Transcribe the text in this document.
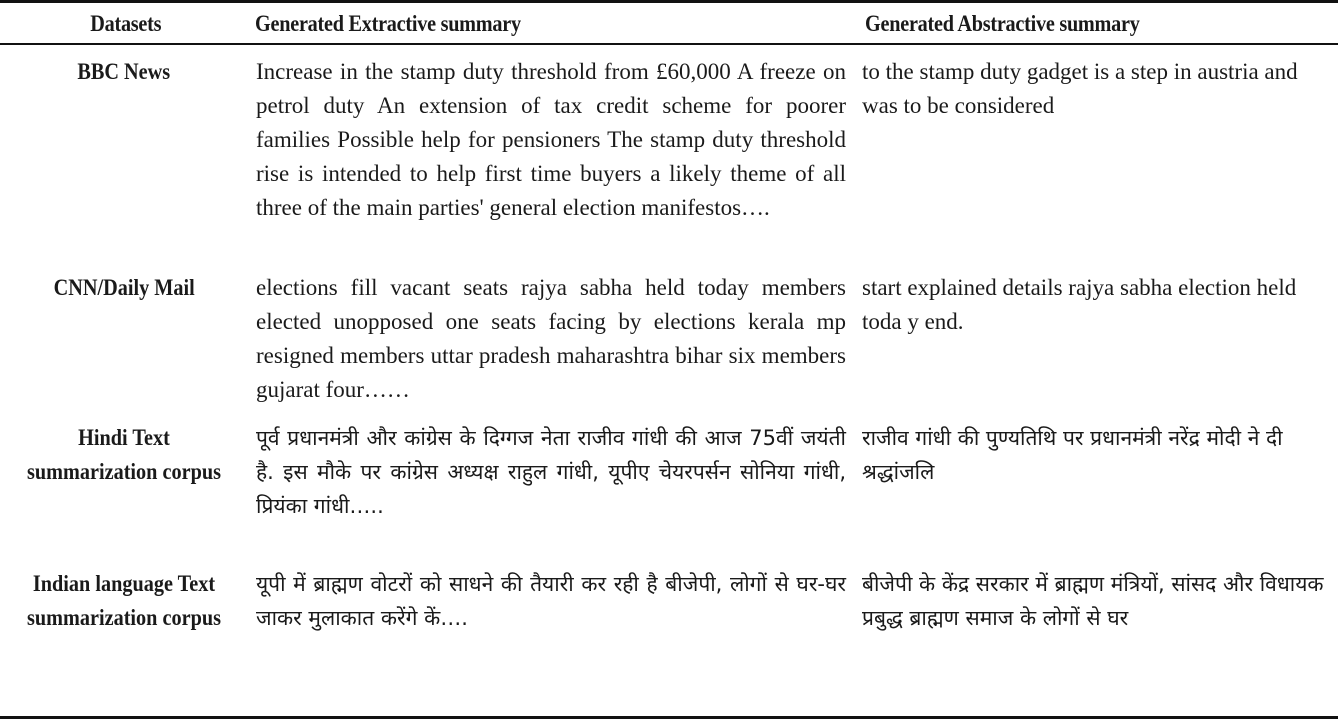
Datasets	Generated Extractive summary	Generated Abstractive summary
BBC News	Increase in the stamp duty threshold from £60,000 A freeze on petrol duty An extension of tax credit scheme for poorer families Possible help for pensioners The stamp duty threshold rise is intended to help first time buyers a likely theme of all three of the main parties' general election manifestos….	to the stamp duty gadget is a step in austria and was to be considered

CNN/Daily Mail	elections fill vacant seats rajya sabha held today members elected unopposed one seats facing by elections kerala mp resigned members uttar pradesh maharashtra bihar six members gujarat four……	start explained details rajya sabha election held toda y end.

Hindi Text summarization corpus	पूर्व प्रधानमंत्री और कांग्रेस के दिग्गज नेता राजीव गांधी की आज 75वीं जयंती है. इस मौके पर कांग्रेस अध्यक्ष राहुल गांधी, यूपीए चेयरपर्सन सोनिया गांधी, प्रियंका गांधी…..	राजीव गांधी की पुण्यतिथि पर प्रधानमंत्री नरेंद्र मोदी ने दी श्रद्धांजलि

Indian language Text summarization corpus	यूपी में ब्राह्मण वोटरों को साधने की तैयारी कर रही है बीजेपी, लोगों से घर-घर जाकर मुलाकात करेंगे कें….	बीजेपी के केंद्र सरकार में ब्राह्मण मंत्रियों, सांसद और विधायक प्रबुद्ध ब्राह्मण समाज के लोगों से घर
